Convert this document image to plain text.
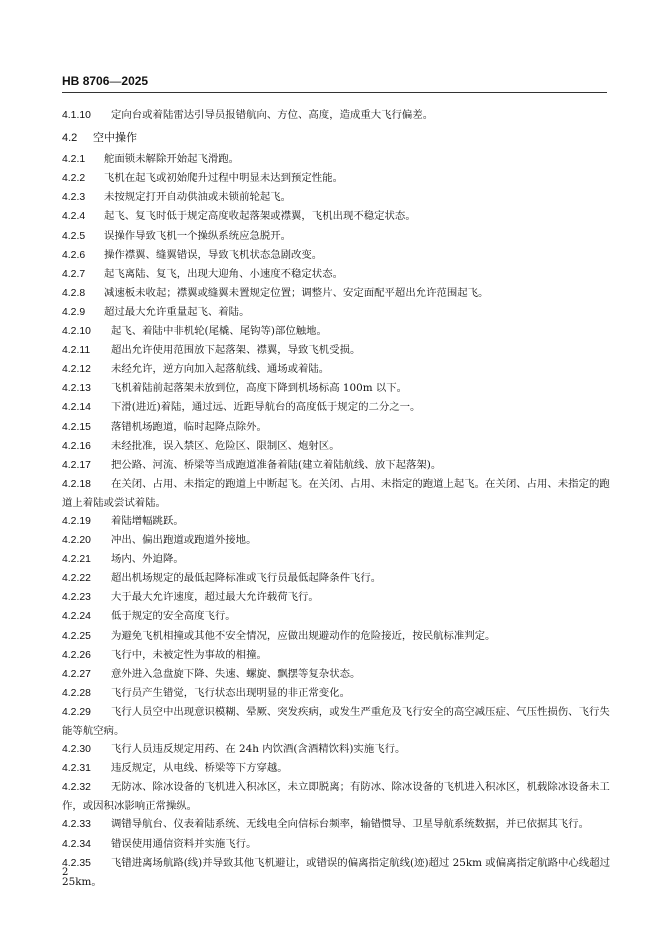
HB 8706—2025

4.1.10 定向台或着陆雷达引导员报错航向、方位、高度，造成重大飞行偏差。

4.2 空中操作

4.2.1 舵面锁未解除开始起飞滑跑。

4.2.2 飞机在起飞或初始爬升过程中明显未达到预定性能。

4.2.3 未按规定打开自动供油或未锁前轮起飞。

4.2.4 起飞、复飞时低于规定高度收起落架或襟翼，飞机出现不稳定状态。

4.2.5 误操作导致飞机一个操纵系统应急脱开。

4.2.6 操作襟翼、缝翼错误，导致飞机状态急剧改变。

4.2.7 起飞离陆、复飞，出现大迎角、小速度不稳定状态。

4.2.8 减速板未收起；襟翼或缝翼未置规定位置；调整片、安定面配平超出允许范围起飞。

4.2.9 超过最大允许重量起飞、着陆。

4.2.10 起飞、着陆中非机轮(尾橇、尾钩等)部位触地。

4.2.11 超出允许使用范围放下起落架、襟翼，导致飞机受损。

4.2.12 未经允许，逆方向加入起落航线、通场或着陆。

4.2.13 飞机着陆前起落架未放到位，高度下降到机场标高 100m 以下。

4.2.14 下滑(进近)着陆，通过远、近距导航台的高度低于规定的二分之一。

4.2.15 落错机场跑道，临时起降点除外。

4.2.16 未经批准，误入禁区、危险区、限制区、炮射区。

4.2.17 把公路、河流、桥梁等当成跑道准备着陆(建立着陆航线、放下起落架)。

4.2.18 在关闭、占用、未指定的跑道上中断起飞。在关闭、占用、未指定的跑道上起飞。在关闭、占用、未指定的跑道上着陆或尝试着陆。

4.2.19 着陆增幅跳跃。

4.2.20 冲出、偏出跑道或跑道外接地。

4.2.21 场内、外迫降。

4.2.22 超出机场规定的最低起降标准或飞行员最低起降条件飞行。

4.2.23 大于最大允许速度，超过最大允许载荷飞行。

4.2.24 低于规定的安全高度飞行。

4.2.25 为避免飞机相撞或其他不安全情况，应做出规避动作的危险接近，按民航标准判定。

4.2.26 飞行中，未被定性为事故的相撞。

4.2.27 意外进入急盘旋下降、失速、螺旋、飘摆等复杂状态。

4.2.28 飞行员产生错觉，飞行状态出现明显的非正常变化。

4.2.29 飞行人员空中出现意识模糊、晕厥、突发疾病，或发生严重危及飞行安全的高空减压症、气压性损伤、飞行失能等航空病。

4.2.30 飞行人员违反规定用药、在 24h 内饮酒(含酒精饮料)实施飞行。

4.2.31 违反规定，从电线、桥梁等下方穿越。

4.2.32 无防冰、除冰设备的飞机进入积冰区，未立即脱离；有防冰、除冰设备的飞机进入积冰区，机载除冰设备未工作，或因积冰影响正常操纵。

4.2.33 调错导航台、仪表着陆系统、无线电全向信标台频率，输错惯导、卫星导航系统数据，并已依据其飞行。

4.2.34 错误使用通信资料并实施飞行。

4.2.35 飞错进离场航路(线)并导致其他飞机避让，或错误的偏离指定航线(迹)超过 25km 或偏离指定航路中心线超过 25km。

2
